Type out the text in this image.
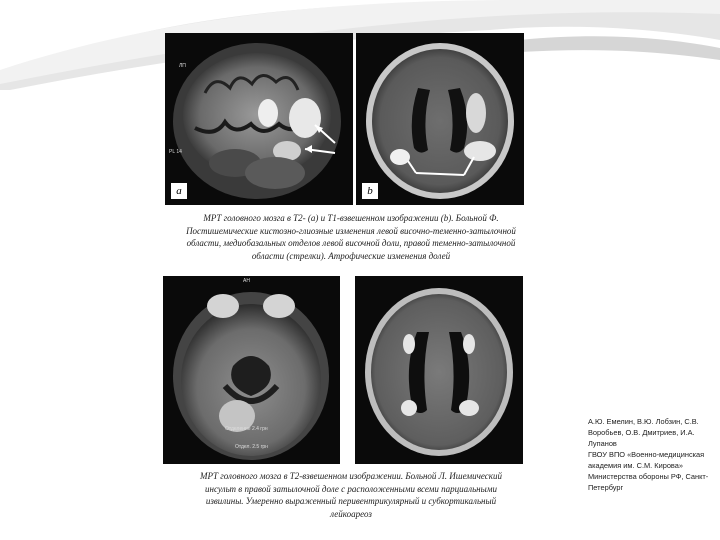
ЛП
PL 14
а	b

МРТ головного мозга в T2- (а) и T1-взвешенном изображении (b). Больной Ф. Постишемические кистозно-глиозные изменения левой височно-теменно-затылочной области, медиобазальных отделов левой височной доли, правой теменно-затылочной области (стрелки). Атрофические изменения долей

AH
Отделение 2.4 грн
Отдел. 2.5 грн

МРТ головного мозга в T2-взвешенном изображении. Больной Л. Ишемический инсульт в правой затылочной доле с расположенными всеми парциальными извилины. Умеренно выраженный перивентрикулярный и субкортикальный лейкоареоз

А.Ю. Емелин, В.Ю. Лобзин, С.В. Воробьев, О.В. Дмитриев, И.А. Лупанов
ГВОУ ВПО «Военно-медицинская академия им. С.М. Кирова» Министерства обороны РФ, Санкт-Петербург
